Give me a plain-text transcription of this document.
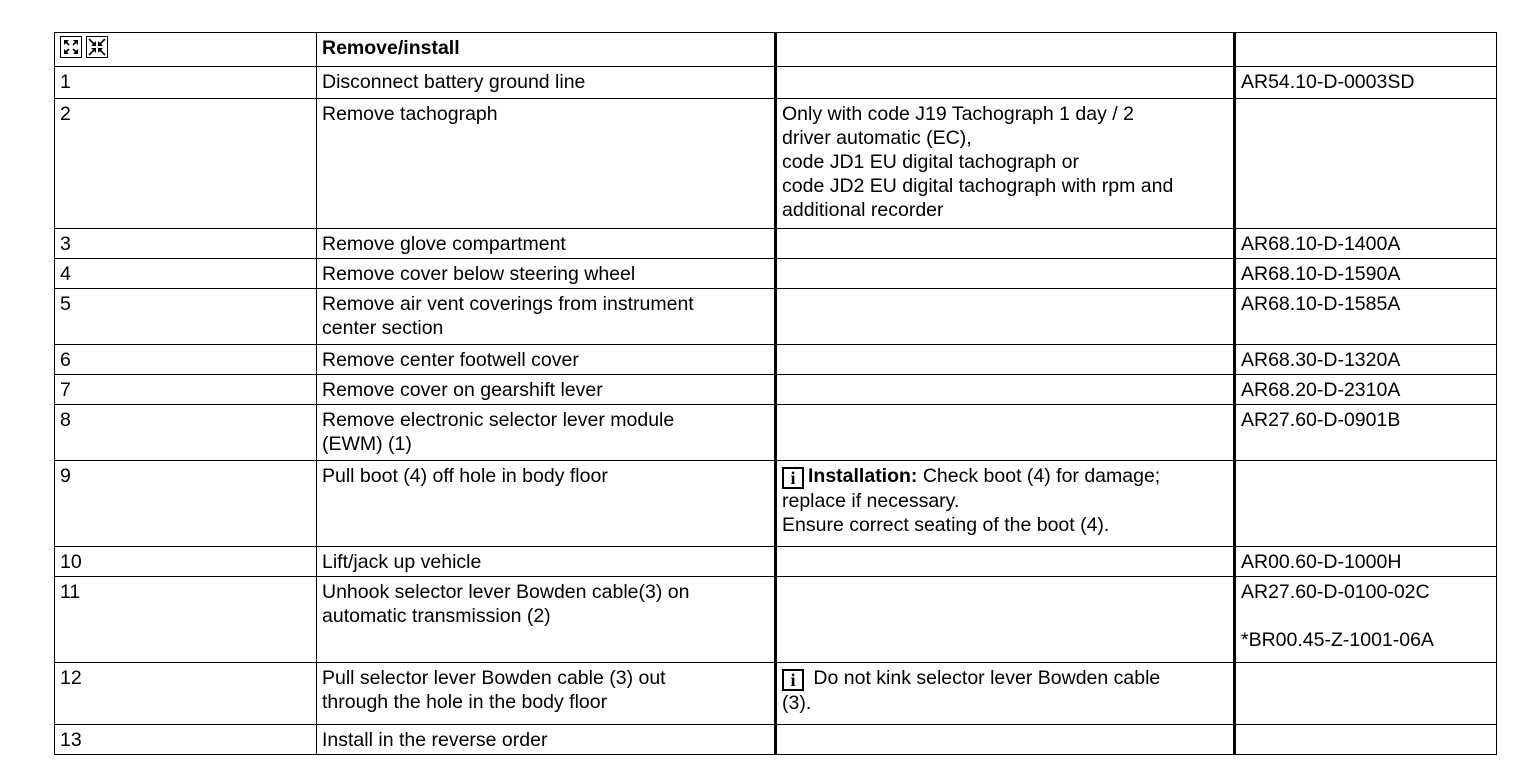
	Remove/install		
1	Disconnect battery ground line		AR54.10-D-0003SD
2	Remove tachograph	Only with code J19 Tachograph 1 day / 2
driver automatic (EC),
code JD1 EU digital tachograph or
code JD2 EU digital tachograph with rpm and
additional recorder	

3	Remove glove compartment		AR68.10-D-1400A
4	Remove cover below steering wheel		AR68.10-D-1590A
5	Remove air vent coverings from instrument
center section		AR68.10-D-1585A
6	Remove center footwell cover		AR68.30-D-1320A
7	Remove cover on gearshift lever		AR68.20-D-2310A
8	Remove electronic selector lever module
(EWM) (1)		AR27.60-D-0901B
9	Pull boot (4) off hole in body floor	i Installation: Check boot (4) for damage;
replace if necessary.
Ensure correct seating of the boot (4).	

10	Lift/jack up vehicle		AR00.60-D-1000H
11	Unhook selector lever Bowden cable(3) on
automatic transmission (2)		AR27.60-D-0100-02C
*BR00.45-Z-1001-06A

12	Pull selector lever Bowden cable (3) out
through the hole in the body floor	i Do not kink selector lever Bowden cable
(3).	

13	Install in the reverse order		
